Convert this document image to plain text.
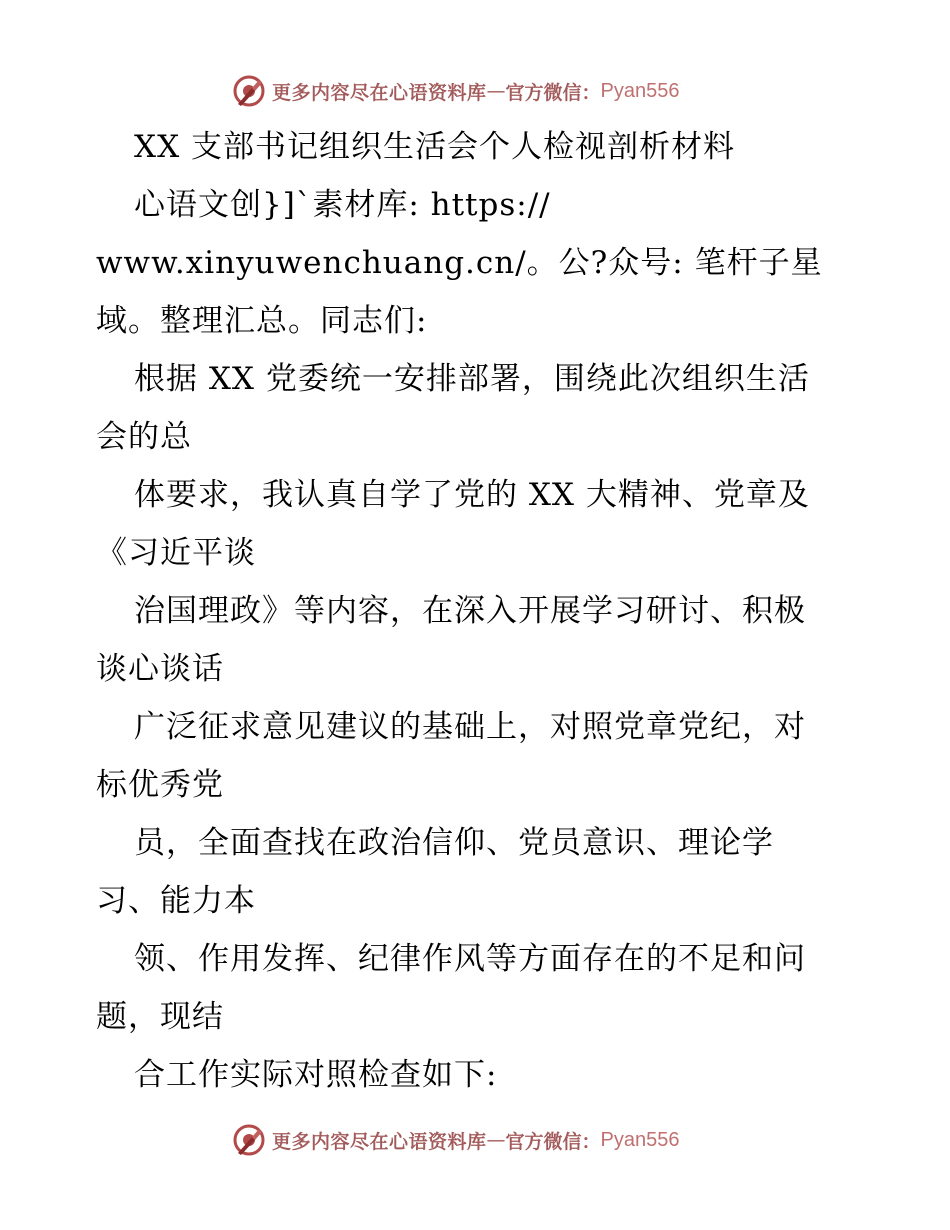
更多内容尽在心语资料库 — 官方微信： Pyan556
XX 支部书记组织生活会个人检视剖析材料
心语文创}]`素材库: https://
www.xinyuwenchuang.cn/。公?众号: 笔杆子星
域。整理汇总。同志们:
根据 XX 党委统一安排部署，围绕此次组织生活
会的总
体要求，我认真自学了党的 XX 大精神、党章及
《习近平谈
治国理政》等内容，在深入开展学习研讨、积极
谈心谈话
广泛征求意见建议的基础上，对照党章党纪，对
标优秀党
员，全面查找在政治信仰、党员意识、理论学
习、能力本
领、作用发挥、纪律作风等方面存在的不足和问
题，现结
合工作实际对照检查如下:
更多内容尽在心语资料库 — 官方微信： Pyan556
